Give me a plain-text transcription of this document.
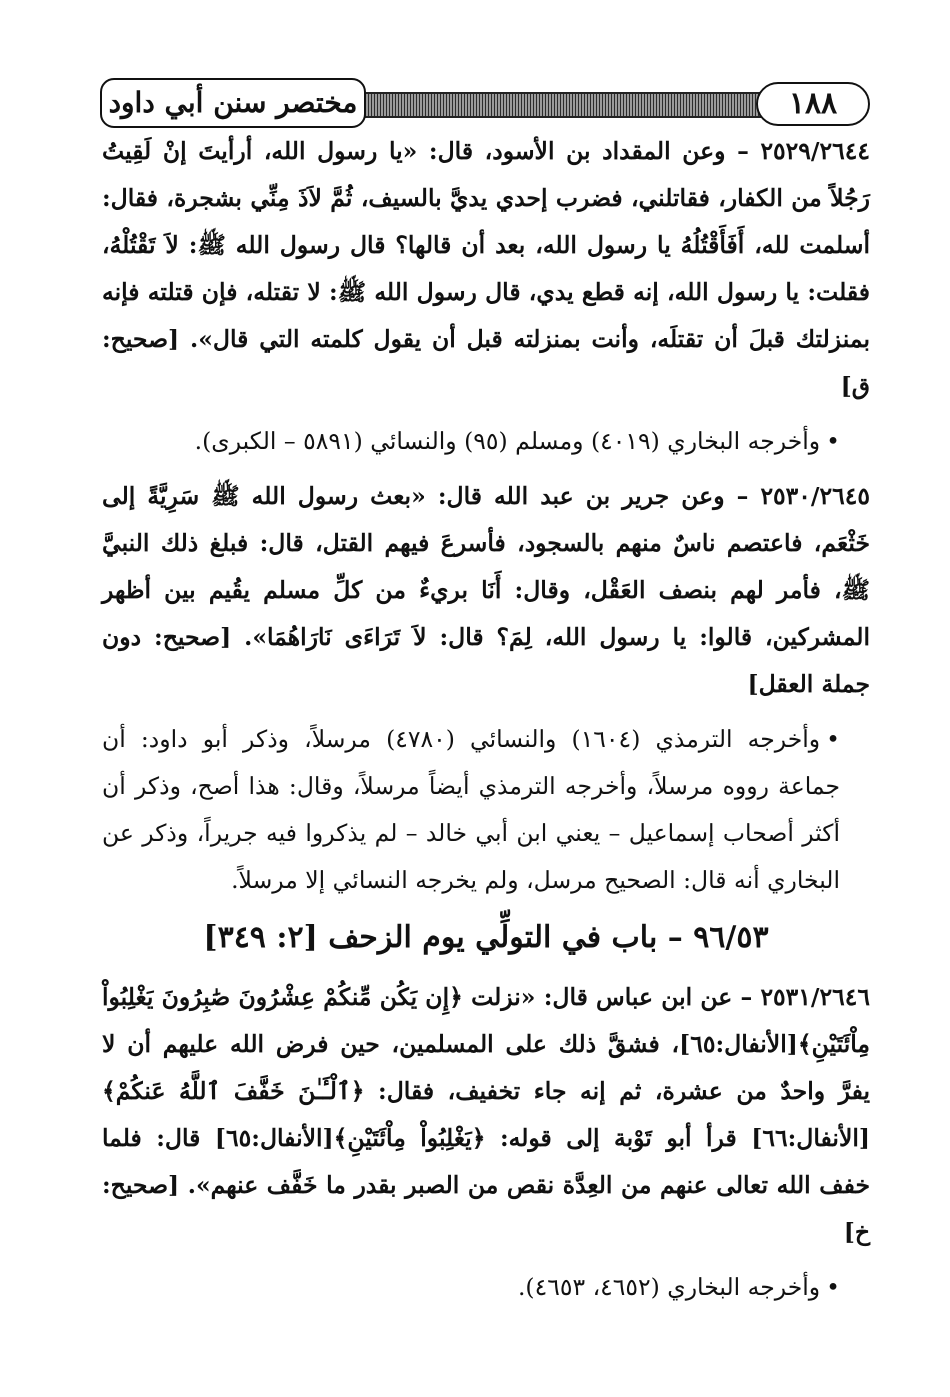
مختصر سنن أبي داود	١٨٨

٢٥٢٩/٢٦٤٤ – وعن المقداد بن الأسود، قال: «يا رسول الله، أرأيتَ إنْ لَقِيتُ رَجُلاً من الكفار، فقاتلني، فضرب إحدي يديَّ بالسيف، ثُمَّ لاَذَ مِنِّي بشجرة، فقال: أسلمت لله، أَفَأَقْتُلُهُ يا رسول الله، بعد أن قالها؟ قال رسول الله ﷺ: لاَ تَقْتُلْهُ، فقلت: يا رسول الله، إنه قطع يدي، قال رسول الله ﷺ: لا تقتله، فإن قتلته فإنه بمنزلتك قبلَ أن تقتلَه، وأنت بمنزلته قبل أن يقول كلمته التي قال». [صحيح: ق]

•وأخرجه البخاري (٤٠١٩) ومسلم (٩٥) والنسائي (٥٨٩١ – الكبرى).

٢٥٣٠/٢٦٤٥ – وعن جرير بن عبد الله قال: «بعث رسول الله ﷺ سَرِيَّةً إلى خَثْعَم، فاعتصم ناسٌ منهم بالسجود، فأسرعَ فيهم القتل، قال: فبلغ ذلك النبيَّ ﷺ، فأمر لهم بنصف العَقْل، وقال: أَنَا بريءٌ من كلِّ مسلم يقُيم بين أظهر المشركين، قالوا: يا رسول الله، لِمَ؟ قال: لاَ تَرَاءَى نَارَاهُمَا». [صحيح: دون جملة العقل]

•وأخرجه الترمذي (١٦٠٤) والنسائي (٤٧٨٠) مرسلاً، وذكر أبو داود: أن جماعة رووه مرسلاً، وأخرجه الترمذي أيضاً مرسلاً، وقال: هذا أصح، وذكر أن أكثر أصحاب إسماعيل – يعني ابن أبي خالد – لم يذكروا فيه جريراً، وذكر عن البخاري أنه قال: الصحيح مرسل، ولم يخرجه النسائي إلا مرسلاً.

٩٦/٥٣ – باب في التولِّي يوم الزحف [٢: ٣٤٩]

٢٥٣١/٢٦٤٦ – عن ابن عباس قال: «نزلت ﴿إِن يَكُن مِّنكُمْ عِشْرُونَ صَٰبِرُونَ يَغْلِبُواْ مِاْئَتَيْنِ﴾[الأنفال:٦٥]، فشقَّ ذلك على المسلمين، حين فرض الله عليهم أن لا يفرَّ واحدٌ من عشرة، ثم إنه جاء تخفيف، فقال: ﴿ٱلْـَٔـٰنَ خَفَّفَ ٱللَّهُ عَنكُمْ﴾[الأنفال:٦٦] قرأ أبو تَوْبة إلى قوله: ﴿يَغْلِبُواْ مِاْئَتَيْنِ﴾[الأنفال:٦٥] قال: فلما خفف الله تعالى عنهم من العِدَّة نقص من الصبر بقدر ما خَفَّف عنهم». [صحيح: خ]

•وأخرجه البخاري (٤٦٥٢، ٤٦٥٣).
